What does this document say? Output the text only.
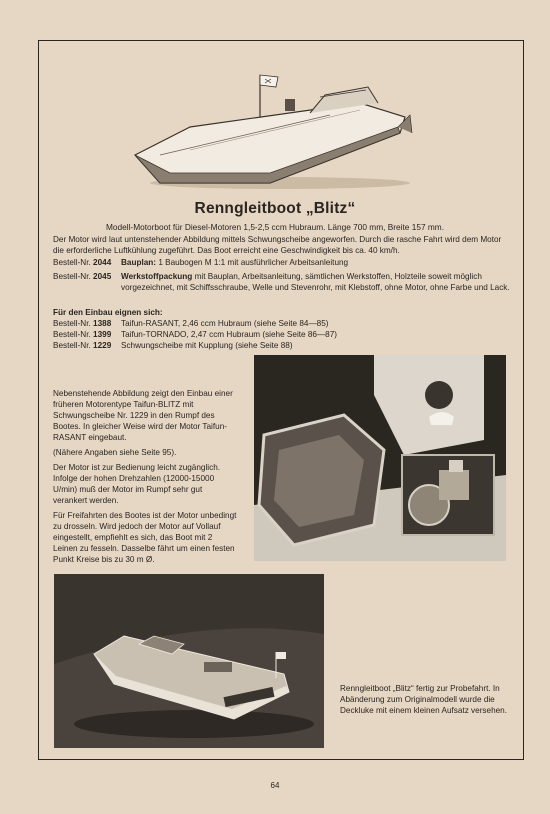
Renngleitboot „Blitz“
Modell-Motorboot für Diesel-Motoren 1,5-2,5 ccm Hubraum. Länge 700 mm, Breite 157 mm.
Der Motor wird laut untenstehender Abbildung mittels Schwungscheibe angeworfen. Durch die rasche Fahrt wird dem Motor die erforderliche Luftkühlung zugeführt. Das Boot erreicht eine Geschwindigkeit bis ca. 40 km/h.
Bestell-Nr. 2044 Bauplan: 1 Baubogen M 1:1 mit ausführlicher Arbeitsanleitung
Bestell-Nr. 2045 Werkstoffpackung mit Bauplan, Arbeitsanleitung, sämtlichen Werkstoffen, Holzteile soweit möglich vorgezeichnet, mit Schiffsschraube, Welle und Stevenrohr, mit Klebstoff, ohne Motor, ohne Farbe und Lack.
Für den Einbau eignen sich:
Bestell-Nr. 1388 Taifun-RASANT, 2,46 ccm Hubraum (siehe Seite 84—85)
Bestell-Nr. 1399 Taifun-TORNADO, 2,47 ccm Hubraum (siehe Seite 86—87)
Bestell-Nr. 1229 Schwungscheibe mit Kupplung (siehe Seite 88)

Nebenstehende Abbildung zeigt den Einbau einer früheren Motorentype Taifun-BLITZ mit Schwungscheibe Nr. 1229 in den Rumpf des Bootes. In gleicher Weise wird der Motor Taifun-RASANT eingebaut.

(Nähere Angaben siehe Seite 95).

Der Motor ist zur Bedienung leicht zugänglich. Infolge der hohen Drehzahlen (12000-15000 U/min) muß der Motor im Rumpf sehr gut verankert werden.

Für Freifahrten des Bootes ist der Motor unbedingt zu drosseln. Wird jedoch der Motor auf Vollauf eingestellt, empfiehlt es sich, das Boot mit 2 Leinen zu fesseln. Dasselbe fährt um einen festen Punkt Kreise bis zu 30 m Ø.

Renngleitboot „Blitz“ fertig zur Probefahrt. In Abänderung zum Originalmodell wurde die Deckluke mit einem kleinen Aufsatz versehen.
64
